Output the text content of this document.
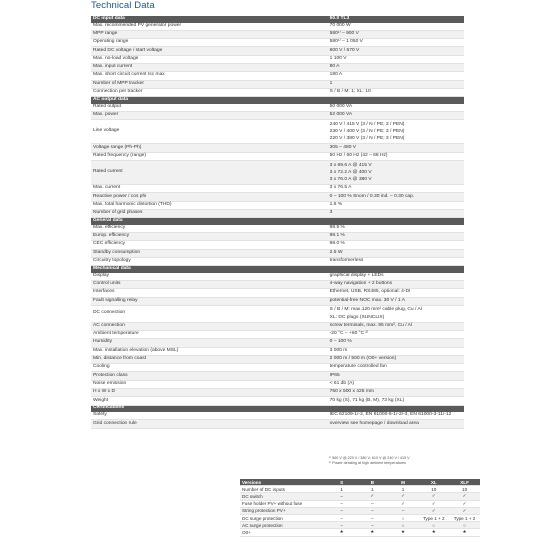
Technical Data
DC input data	50.0 TL3
Max. recommended PV generator power	70 000 W

MPP range	580¹⁾ – 900 V

Operating range	580¹⁾ – 1 050 V

Rated DC voltage / start voltage	600 V / 670 V

Max. no-load voltage	1 100 V

Max. input current	80 A

Max. short circuit current Isc max	190 A

Number of MPP tracker	1

Connection per tracker	S / B / M: 1; XL: 10

AC output data	
Rated output	50 000 VA

Max. power	52 000 VA

Line voltage	240 V / 415 V (3 / N / PE; 3 / PEN)
230 V / 400 V (3 / N / PE; 3 / PEN)
220 V / 380 V (3 / N / PE; 3 / PEN)

Voltage range (Ph-Ph)	305 – 480 V

Rated frequency (range)	50 Hz / 60 Hz (42 – 68 Hz)

Rated current	3 x 69.6 A @ 415 V
3 x 72.2 A @ 400 V
3 x 76.0 A @ 380 V

Max. current	3 x 76.5 A

Reactive power / cos phi	0 – 100 % Snom / 0.30 ind. – 0.30 cap.

Max. total harmonic distortion (THD)	1.6 %

Number of grid phases	3

General data	
Max. efficiency	98.5 %

Europ. efficiency	98.1 %

CEC efficiency	98.0 %

Standby consumption	2.5 W

Circuitry topology	transformerless

Mechanical data	
Display	graphical display + LEDs

Control units	4-way navigation + 2 buttons

Interfaces	Ethernet, USB, RS485, optional: 4-DI

Fault signalling relay	potential-free NOC max. 30 V / 1 A

DC connection	S / B / M: max.120 mm² cable plug, Cu / Al
XL: DC plugs (SUNCLIX)

AC connection	screw terminals, max. 95 mm², Cu / Al

Ambient temperature	-20 °C – +60 °C ²⁾

Humidity	0 – 100 %

Max. installation elevation (above MSL)	3 000 m

Min. distance from coast	2 000 m / 500 m (O0+ version)

Cooling	temperature controlled fan

Protection class	IP65

Noise emission	< 61 db (A)

H x W x D	760 x 500 x 425 mm

Weight	70 kg (S), 71 kg (B, M), 73 kg (XL)

Certifications	
Safety	IEC 62109-1/-2, EN 61000-6-1/-2/-3, EN 61000-3-11/-12

Grid connection rule	overview see homepage / download area
¹⁾ 560 V @ 220 V / 380 V; 610 V @ 240 V / 415 V
²⁾ Power derating at high ambient temperatures
Versions	S	B	M	XL	XLF
Number of DC inputs	1	1	1	10	10
DC switch	–	✓	✓	✓	✓
Fuse holder PV+ without fuse	–	–	✓	✓	✓
String protection PV+	–	–	–	✓	✓
DC surge protection	–	–	○	Type 1 + 2	Type 1 + 2
AC surge protection	–	–	○	○	○
O0+	★	★	★	★	★
